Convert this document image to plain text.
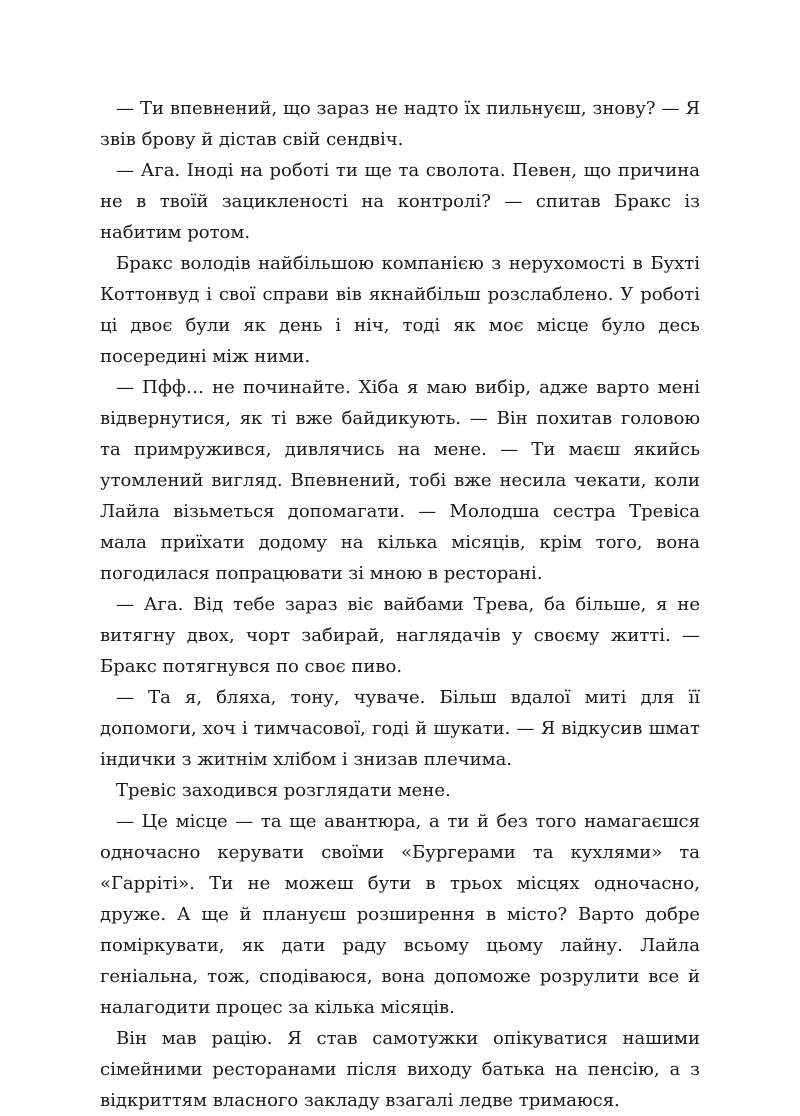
— Ти впевнений, що зараз не надто їх пильнуєш, знову? — Я звів брову й дістав свій сендвіч.

— Ага. Іноді на роботі ти ще та сволота. Певен, що причина не в твоїй зацикленості на контролі? — спитав Бракс із набитим ротом.

Бракс володів найбільшою компанією з нерухомості в Бухті Коттонвуд і свої справи вів якнайбільш розслаблено. У роботі ці двоє були як день і ніч, тоді як моє місце було десь посередині між ними.

— Пфф… не починайте. Хіба я маю вибір, адже варто мені відвернутися, як ті вже байдикують. — Він похитав головою та примружився, дивлячись на мене. — Ти маєш якийсь утомлений вигляд. Впевнений, тобі вже несила чекати, коли Лайла візьметься допомагати. — Молодша сестра Тревіса мала приїхати додому на кілька місяців, крім того, вона погодилася попрацювати зі мною в ресторані.

— Ага. Від тебе зараз віє вайбами Трева, ба більше, я не витягну двох, чорт забирай, наглядачів у своєму житті. — Бракс потягнувся по своє пиво.

— Та я, бляха, тону, чуваче. Більш вдалої миті для її допомоги, хоч і тимчасової, годі й шукати. — Я відкусив шмат індички з житнім хлібом і знизав плечима.

Тревіс заходився розглядати мене.

— Це місце — та ще авантюра, а ти й без того намагаєшся одночасно керувати своїми «Бургерами та кухлями» та «Гарріті». Ти не можеш бути в трьох місцях одночасно, друже. А ще й плануєш розширення в місто? Варто добре поміркувати, як дати раду всьому цьому лайну. Лайла геніальна, тож, сподіваюся, вона допоможе розрулити все й налагодити процес за кілька місяців.

Він мав рацію. Я став самотужки опікуватися нашими сімейними ресторанами після виходу батька на пенсію, а з відкриттям власного закладу взагалі ледве тримаюся.
